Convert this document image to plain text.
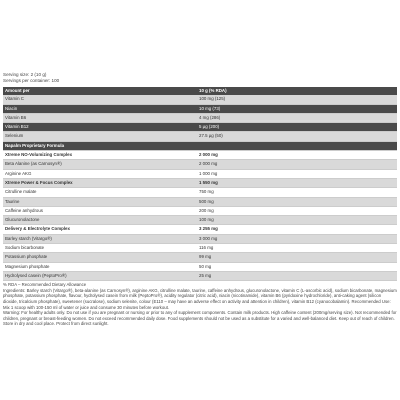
Serving size: 2 (10 g)
Servings per container: 100
Amount per	10 g (% RDA)
Vitamin C	100 mg (125)
Niacin	10 mg (73)
Vitamin B6	4 mg (286)
Vitamin B12	5 µg (200)
Selenium	27.5 µg (50)
Napalm Proprietary Formula	
Xtreme NO-Volumizing Complex	2 000 mg
Beta Alanine (as Carnosyn®)	2 000 mg
Arginine AKG	1 000 mg
Xtreme Power & Focus Complex	1 550 mg
Citrulline malate	750 mg
Taurine	500 mg
Caffeine anhydrous	200 mg
Glucuronolactone	100 mg
Delivery & Electrolyte Complex	3 255 mg
Barley starch (Vitargo®)	3 000 mg
Sodium bicarbonate	116 mg
Potassium phosphate	99 mg
Magnesium phosphate	50 mg
Hydrolysed casein (PeptoPro®)	25 mg

% RDA – Recommended Dietary Allowance

Ingredients: Barley starch (Vitargo®), beta-alanine (as Carnosyn®), arginine AKG, citrulline malate, taurine, caffeine anhydrous, glucuronolactone, vitamin C (L-ascorbic acid), sodium bicarbonate, magnesium phosphate, potassium phosphate, flavour, hydrolysed casein from milk (PeptoPro®), acidity regulator (citric acid), niacin (nicotinamide), vitamin B6 (pyridoxine hydrochloride), anti-caking agent (silicon dioxide, tricalcium phosphate), sweetener (sucralose), sodium selenite, colour (E110 – may have an adverse effect on activity and attention in children), vitamin B12 (cyanocobalamin). Recommended Use: Mix 1 scoop with 100-150 ml of water or juice and consume 30 minutes before workout.

Warning: For healthy adults only. Do not use if you are pregnant or nursing or prior to any of supplement components. Contain milk products. High caffeine content (200mg/serving size). Not recommended for children, pregnant or breast-feeding women. Do not exceed recommended daily dose. Food supplements should not be used as a substitute for a varied and well-balanced diet. Keep out of reach of children. Store in dry and cool place. Protect from direct sunlight.
